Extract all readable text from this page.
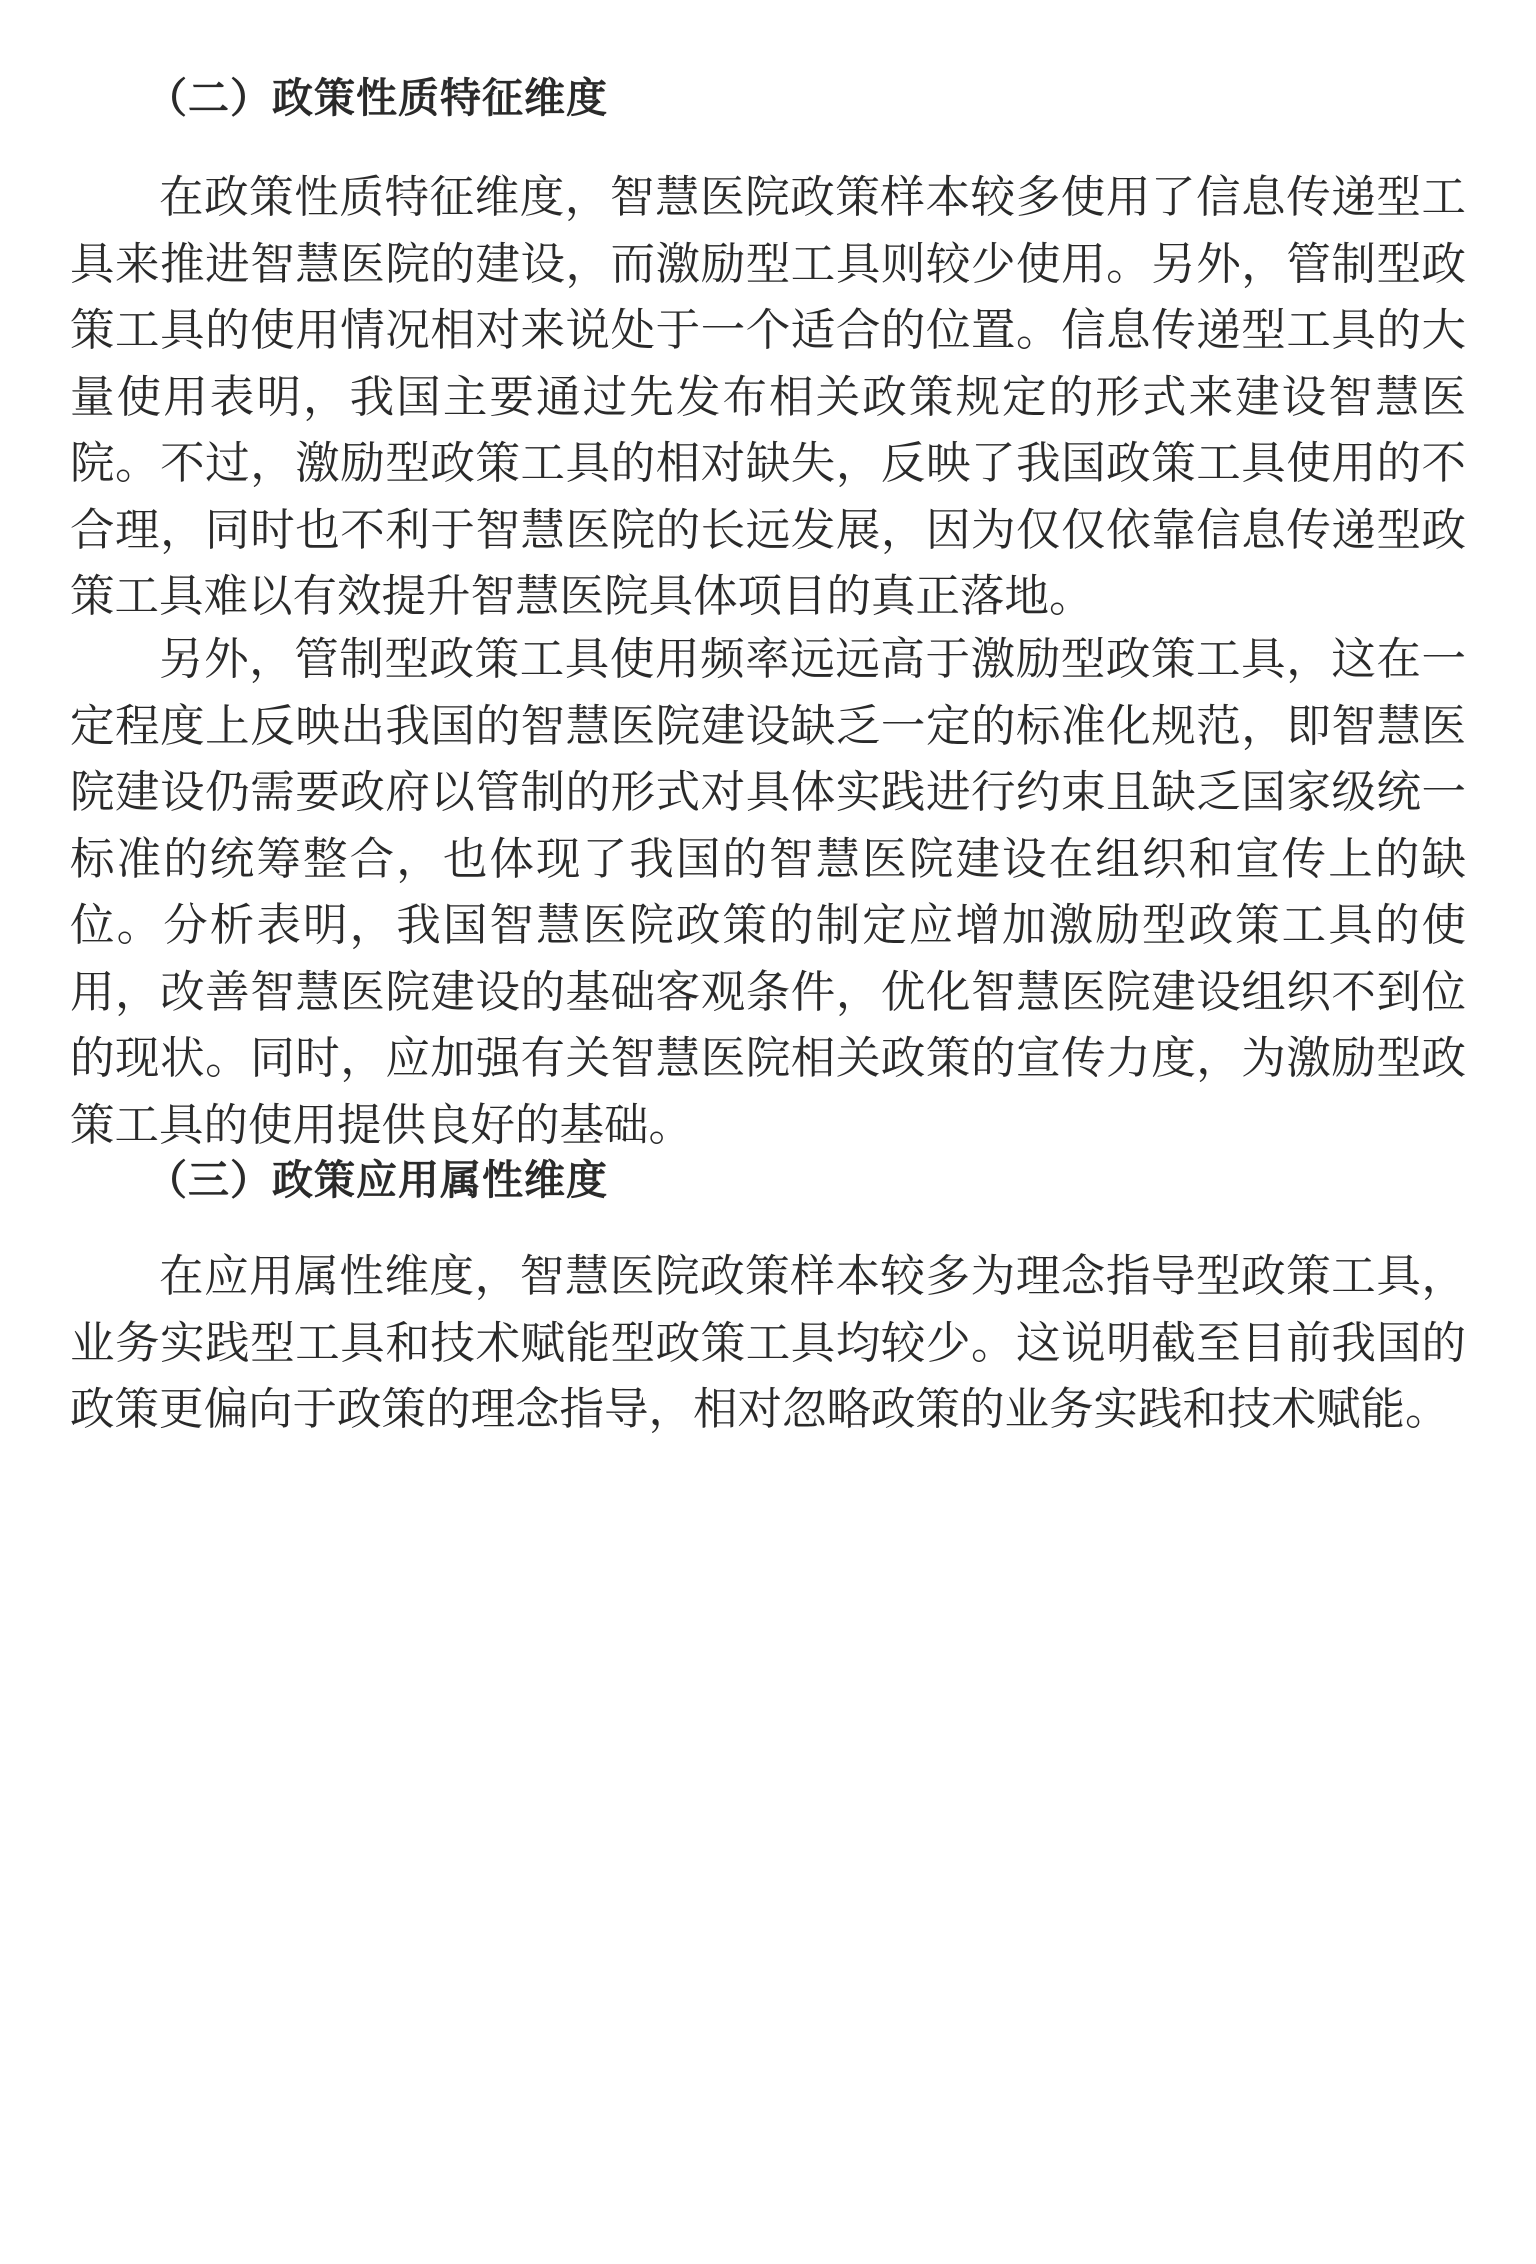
（二）政策性质特征维度

在政策性质特征维度，智慧医院政策样本较多使用了信息传递型工具来推进智慧医院的建设，而激励型工具则较少使用。另外，管制型政策工具的使用情况相对来说处于一个适合的位置。信息传递型工具的大量使用表明，我国主要通过先发布相关政策规定的形式来建设智慧医院。不过，激励型政策工具的相对缺失，反映了我国政策工具使用的不合理，同时也不利于智慧医院的长远发展，因为仅仅依靠信息传递型政策工具难以有效提升智慧医院具体项目的真正落地。

另外，管制型政策工具使用频率远远高于激励型政策工具，这在一定程度上反映出我国的智慧医院建设缺乏一定的标准化规范，即智慧医院建设仍需要政府以管制的形式对具体实践进行约束且缺乏国家级统一标准的统筹整合，也体现了我国的智慧医院建设在组织和宣传上的缺位。分析表明，我国智慧医院政策的制定应增加激励型政策工具的使用，改善智慧医院建设的基础客观条件，优化智慧医院建设组织不到位的现状。同时，应加强有关智慧医院相关政策的宣传力度，为激励型政策工具的使用提供良好的基础。

（三）政策应用属性维度

在应用属性维度，智慧医院政策样本较多为理念指导型政策工具，业务实践型工具和技术赋能型政策工具均较少。这说明截至目前我国的政策更偏向于政策的理念指导，相对忽略政策的业务实践和技术赋能。
